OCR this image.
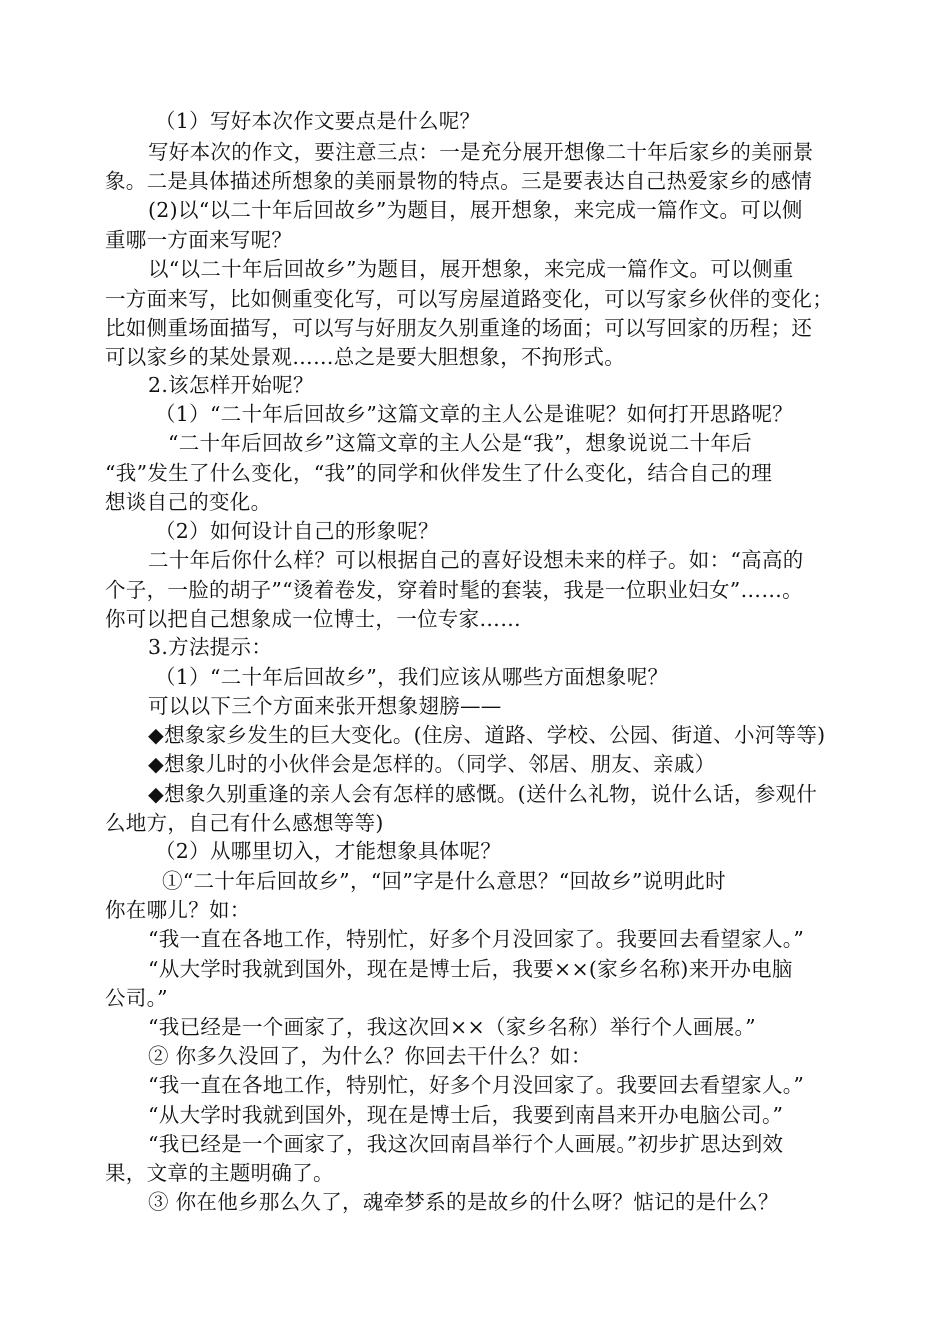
（1）写好本次作文要点是什么呢？
写好本次的作文，要注意三点：一是充分展开想像二十年后家乡的美丽景
象。二是具体描述所想象的美丽景物的特点。三是要表达自己热爱家乡的感情
(2)以“以二十年后回故乡”为题目，展开想象，来完成一篇作文。可以侧
重哪一方面来写呢？
以“以二十年后回故乡”为题目，展开想象，来完成一篇作文。可以侧重
一方面来写，比如侧重变化写，可以写房屋道路变化，可以写家乡伙伴的变化；
比如侧重场面描写，可以写与好朋友久别重逢的场面；可以写回家的历程；还
可以家乡的某处景观……总之是要大胆想象，不拘形式。
2.该怎样开始呢？
（1）“二十年后回故乡”这篇文章的主人公是谁呢？如何打开思路呢？
“二十年后回故乡”这篇文章的主人公是“我”，想象说说二十年后
“我”发生了什么变化，“我”的同学和伙伴发生了什么变化，结合自己的理
想谈自己的变化。
（2）如何设计自己的形象呢？
二十年后你什么样？可以根据自己的喜好设想未来的样子。如：“高高的
个子，一脸的胡子”“烫着卷发，穿着时髦的套装，我是一位职业妇女”……。
你可以把自己想象成一位博士，一位专家……
3.方法提示：
（1）“二十年后回故乡”，我们应该从哪些方面想象呢？
可以以下三个方面来张开想象翅膀——
◆想象家乡发生的巨大变化。(住房、道路、学校、公园、街道、小河等等)
◆想象儿时的小伙伴会是怎样的。（同学、邻居、朋友、亲戚）
◆想象久别重逢的亲人会有怎样的感慨。(送什么礼物，说什么话，参观什
么地方，自己有什么感想等等)
（2）从哪里切入，才能想象具体呢？
①“二十年后回故乡”，“回”字是什么意思？“回故乡”说明此时
你在哪儿？如：
“我一直在各地工作，特别忙，好多个月没回家了。我要回去看望家人。”
“从大学时我就到国外，现在是博士后，我要××(家乡名称)来开办电脑
公司。”
“我已经是一个画家了，我这次回××（家乡名称）举行个人画展。”
② 你多久没回了，为什么？你回去干什么？如：
“我一直在各地工作，特别忙，好多个月没回家了。我要回去看望家人。”
“从大学时我就到国外，现在是博士后，我要到南昌来开办电脑公司。”
“我已经是一个画家了，我这次回南昌举行个人画展。”初步扩思达到效
果，文章的主题明确了。
③ 你在他乡那么久了，魂牵梦系的是故乡的什么呀？惦记的是什么？
